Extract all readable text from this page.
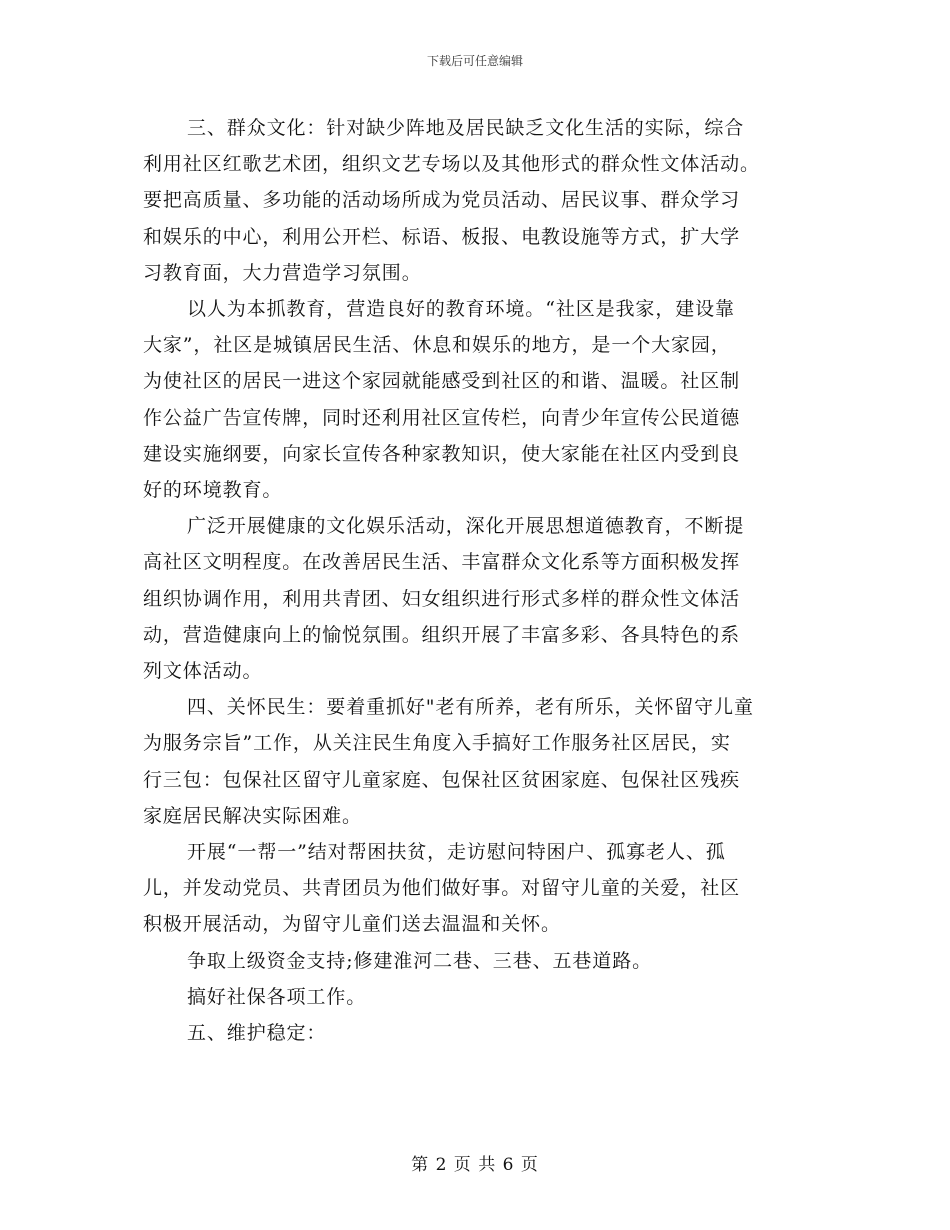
下载后可任意编辑

三、群众文化：针对缺少阵地及居民缺乏文化生活的实际，综合
利用社区红歌艺术团，组织文艺专场以及其他形式的群众性文体活动。
要把高质量、多功能的活动场所成为党员活动、居民议事、群众学习
和娱乐的中心，利用公开栏、标语、板报、电教设施等方式，扩大学
习教育面，大力营造学习氛围。

以人为本抓教育，营造良好的教育环境。“社区是我家，建设靠
大家”，社区是城镇居民生活、休息和娱乐的地方，是一个大家园，
为使社区的居民一进这个家园就能感受到社区的和谐、温暖。社区制
作公益广告宣传牌，同时还利用社区宣传栏，向青少年宣传公民道德
建设实施纲要，向家长宣传各种家教知识，使大家能在社区内受到良
好的环境教育。

广泛开展健康的文化娱乐活动，深化开展思想道德教育，不断提
高社区文明程度。在改善居民生活、丰富群众文化系等方面积极发挥
组织协调作用，利用共青团、妇女组织进行形式多样的群众性文体活
动，营造健康向上的愉悦氛围。组织开展了丰富多彩、各具特色的系
列文体活动。

四、关怀民生：要着重抓好"老有所养，老有所乐，关怀留守儿童
为服务宗旨”工作，从关注民生角度入手搞好工作服务社区居民，实
行三包：包保社区留守儿童家庭、包保社区贫困家庭、包保社区残疾
家庭居民解决实际困难。

开展“一帮一”结对帮困扶贫，走访慰问特困户、孤寡老人、孤
儿，并发动党员、共青团员为他们做好事。对留守儿童的关爱，社区
积极开展活动，为留守儿童们送去温温和关怀。

争取上级资金支持;修建淮河二巷、三巷、五巷道路。

搞好社保各项工作。

五、维护稳定：

第 2 页 共 6 页
